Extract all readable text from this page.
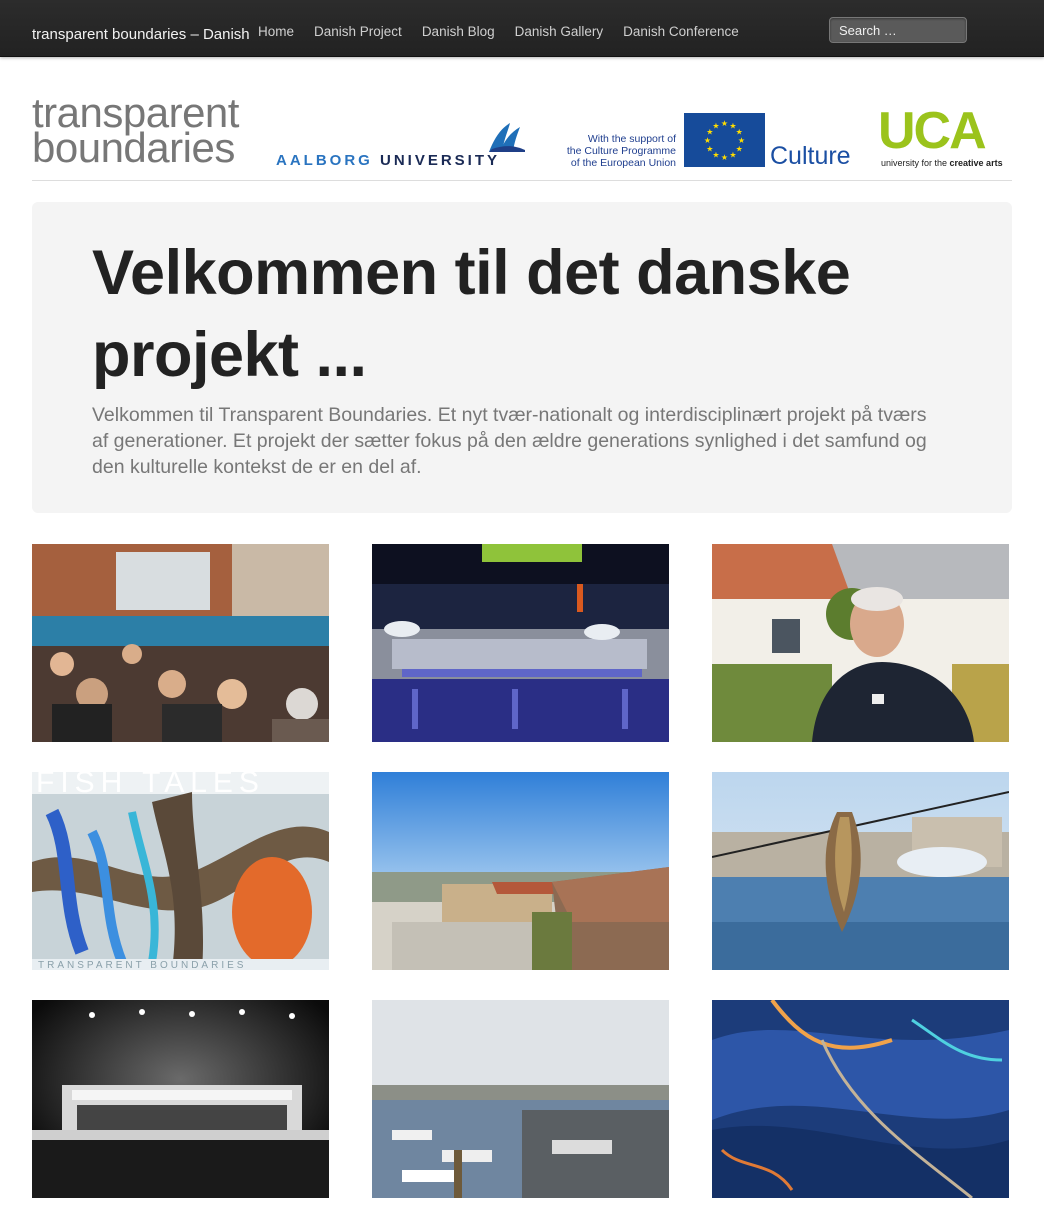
transparent boundaries – Danish Home	Danish Project	Danish Blog	Danish Gallery	Danish Conference
Search …
transparent
boundaries	AALBORG UNIVERSITY
With the support of
the Culture Programme
of the European Union
★
★
★
★
★
★
★
★
★ ★ ★
★
Culture UCA
university for the creative arts
Velkommen til det danske projekt ...

Velkommen til Transparent Boundaries. Et nyt tvær-nationalt og interdisciplinært projekt på tværs af generationer. Et projekt der sætter fokus på den ældre generations synlighed i det samfund og den kulturelle kontekst de er en del af.

FISH TALES
TRANSPARENT BOUNDARIES
